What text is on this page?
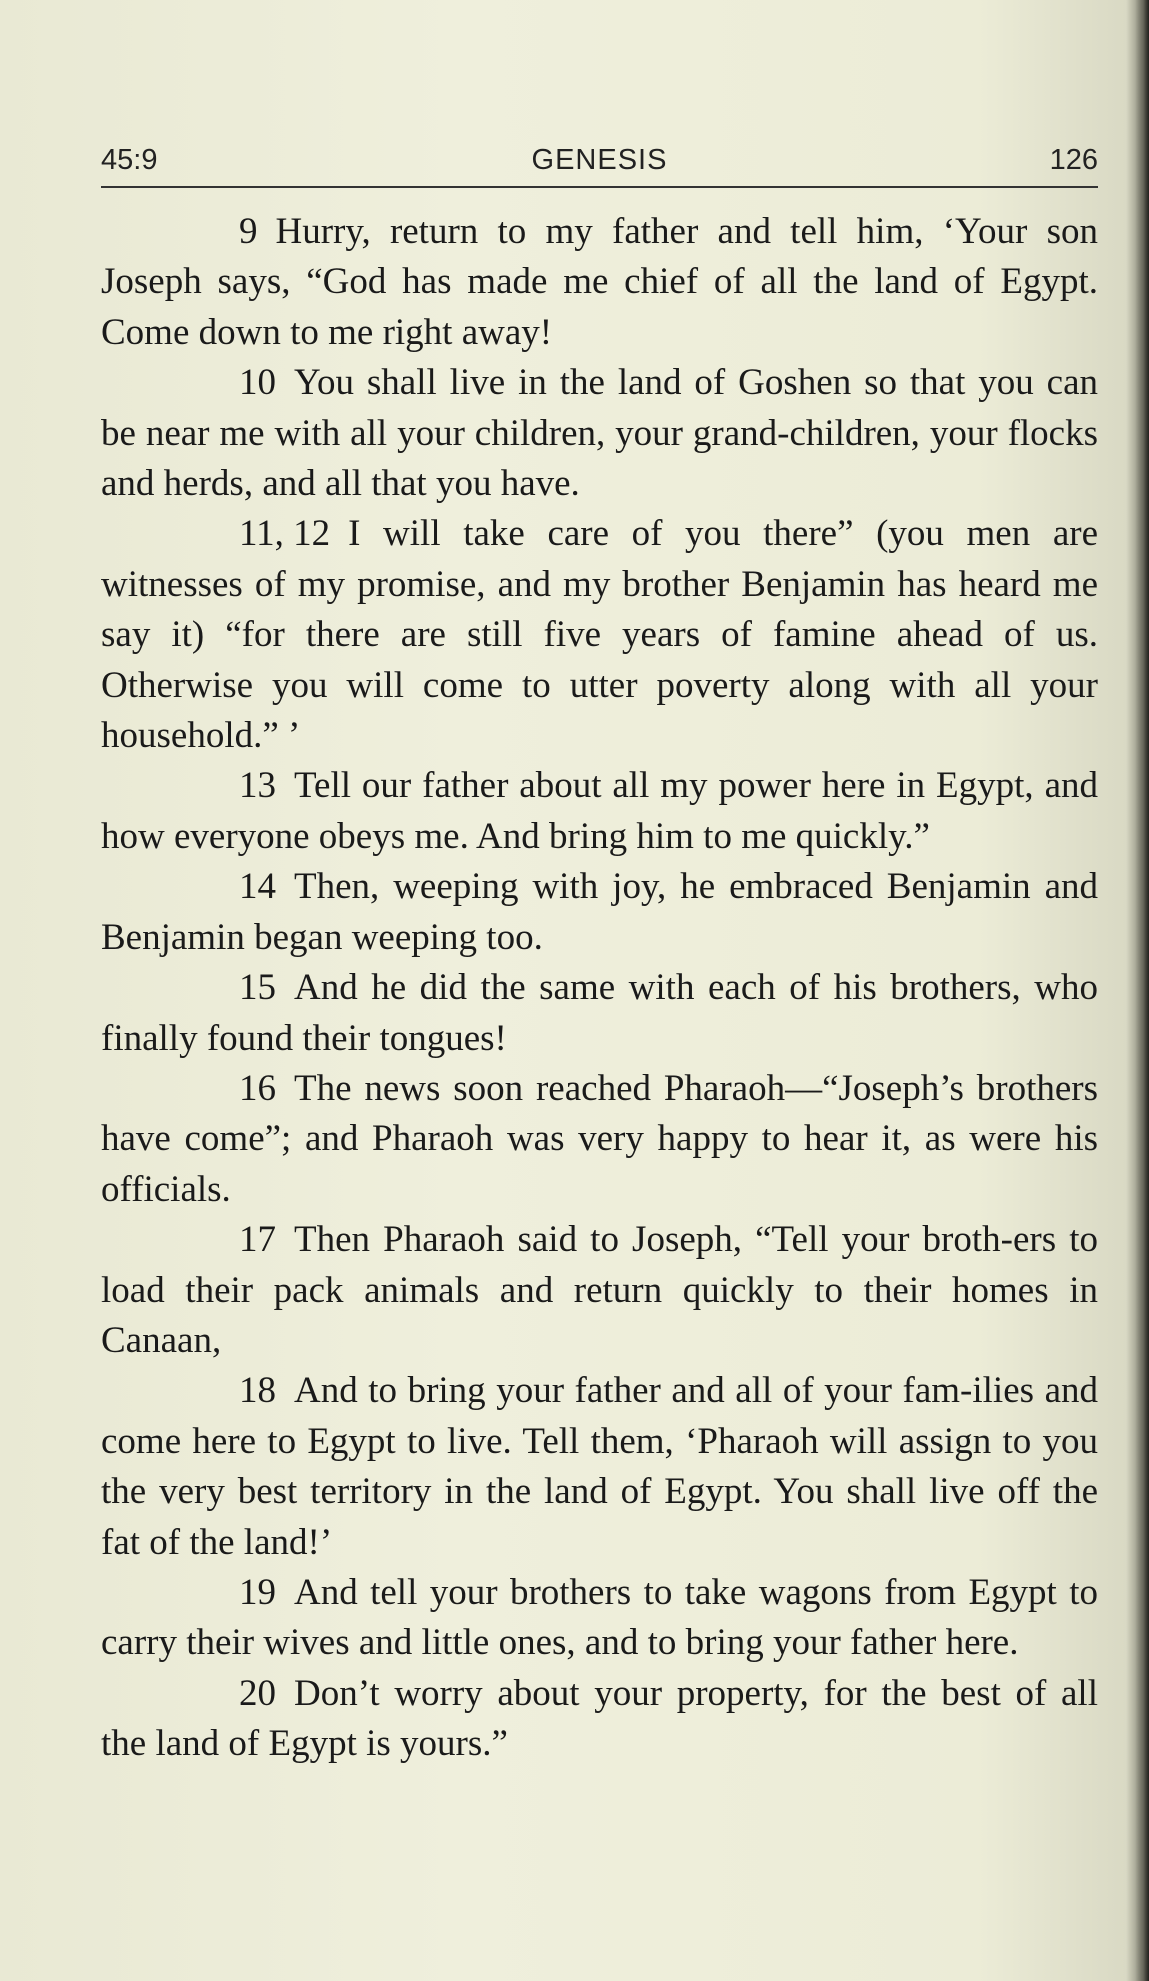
45:9	GENESIS	126

9 Hurry, return to my father and tell him, ‘Your son Joseph says, “God has made me chief of all the land of Egypt. Come down to me right away!

10 You shall live in the land of Goshen so that you can be near me with all your children, your grand-children, your flocks and herds, and all that you have.

11, 12 I will take care of you there” (you men are witnesses of my promise, and my brother Benjamin has heard me say it) “for there are still five years of famine ahead of us. Otherwise you will come to utter poverty along with all your household.” ’

13 Tell our father about all my power here in Egypt, and how everyone obeys me. And bring him to me quickly.”

14 Then, weeping with joy, he embraced Benjamin and Benjamin began weeping too.

15 And he did the same with each of his brothers, who finally found their tongues!

16 The news soon reached Pharaoh—“Joseph’s brothers have come”; and Pharaoh was very happy to hear it, as were his officials.

17 Then Pharaoh said to Joseph, “Tell your broth-ers to load their pack animals and return quickly to their homes in Canaan,

18 And to bring your father and all of your fam-ilies and come here to Egypt to live. Tell them, ‘Pharaoh will assign to you the very best territory in the land of Egypt. You shall live off the fat of the land!’

19 And tell your brothers to take wagons from Egypt to carry their wives and little ones, and to bring your father here.

20 Don’t worry about your property, for the best of all the land of Egypt is yours.”
